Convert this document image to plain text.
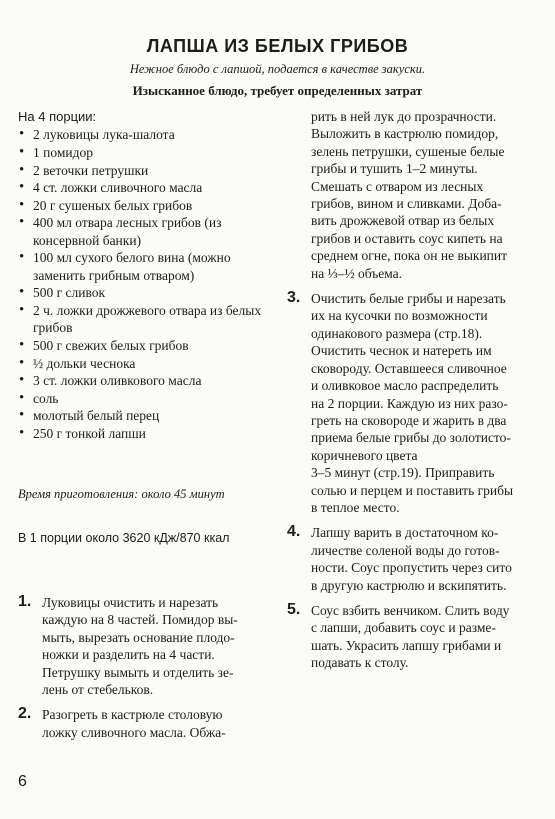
ЛАПША ИЗ БЕЛЫХ ГРИБОВ

Нежное блюдо с лапшой, подается в качестве закуски.

Изысканное блюдо, требует определенных затрат

На 4 порции:

• 2 луковицы лука-шалота
• 1 помидор
• 2 веточки петрушки
• 4 ст. ложки сливочного масла
• 20 г сушеных белых грибов
• 400 мл отвара лесных грибов (из консервной банки)
• 100 мл сухого белого вина (можно заменить грибным отваром)
• 500 г сливок
• 2 ч. ложки дрожжевого отвара из белых грибов
• 500 г свежих белых грибов
• ½ дольки чеснока
• 3 ст. ложки оливкового масла
• соль
• молотый белый перец
• 250 г тонкой лапши

Время приготовления: около 45 минут

В 1 порции около 3620 кДж/870 ккал

1. Луковицы очистить и нарезать
каждую на 8 частей. Помидор вы-
мыть, вырезать основание плодо-
ножки и разделить на 4 части.
Петрушку вымыть и отделить зе-
лень от стебельков.
2. Разогреть в кастрюле столовую
ложку сливочного масла. Обжа-
рить в ней лук до прозрачности.
Выложить в кастрюлю помидор,
зелень петрушки, сушеные белые
грибы и тушить 1–2 минуты.
Смешать с отваром из лесных
грибов, вином и сливками. Доба-
вить дрожжевой отвар из белых
грибов и оставить соус кипеть на
среднем огне, пока он не выкипит
на ⅓–½ объема.
3. Очистить белые грибы и нарезать
их на кусочки по возможности
одинакового размера (стр.18).
Очистить чеснок и натереть им
сковороду. Оставшееся сливочное
и оливковое масло распределить
на 2 порции. Каждую из них разо-
греть на сковороде и жарить в два
приема белые грибы до золотисто-
коричневого цвета
3–5 минут (стр.19). Приправить
солью и перцем и поставить грибы
в теплое место.
4. Лапшу варить в достаточном ко-
личестве соленой воды до готов-
ности. Соус пропустить через сито
в другую кастрюлю и вскипятить.
5. Соус взбить венчиком. Слить воду
с лапши, добавить соус и разме-
шать. Украсить лапшу грибами и
подавать к столу.

6
